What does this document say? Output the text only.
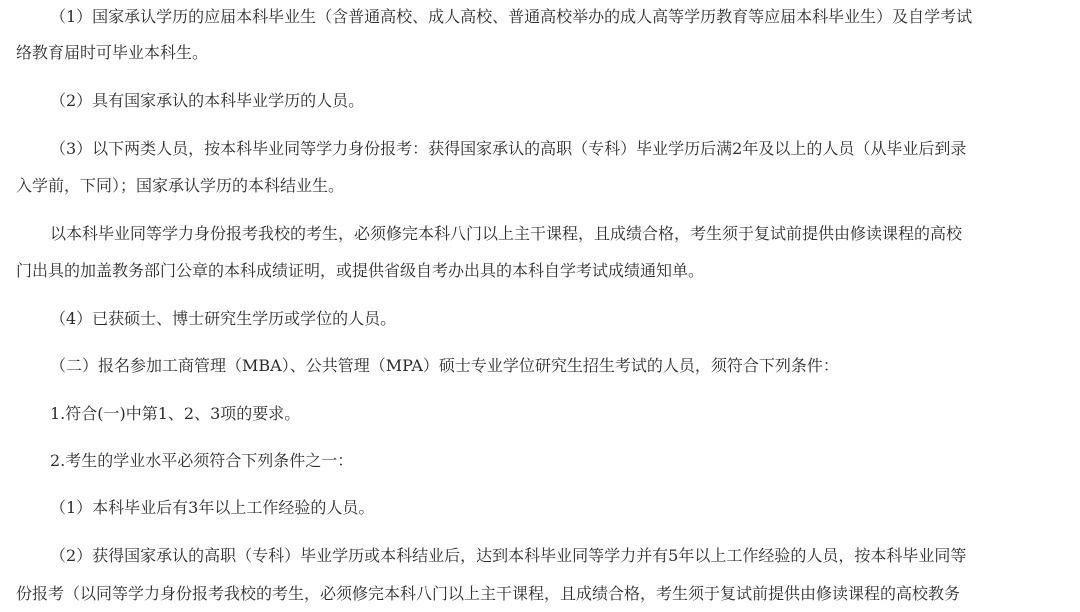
（1）国家承认学历的应届本科毕业生（含普通高校、成人高校、普通高校举办的成人高等学历教育等应届本科毕业生）及自学考试
络教育届时可毕业本科生。
（2）具有国家承认的本科毕业学历的人员。
（3）以下两类人员，按本科毕业同等学力身份报考：获得国家承认的高职（专科）毕业学历后满2年及以上的人员（从毕业后到录
入学前，下同）；国家承认学历的本科结业生。
以本科毕业同等学力身份报考我校的考生，必须修完本科八门以上主干课程，且成绩合格，考生须于复试前提供由修读课程的高校
门出具的加盖教务部门公章的本科成绩证明，或提供省级自考办出具的本科自学考试成绩通知单。
（4）已获硕士、博士研究生学历或学位的人员。
（二）报名参加工商管理（MBA）、公共管理（MPA）硕士专业学位研究生招生考试的人员，须符合下列条件：
1.符合(一)中第1、2、3项的要求。
2.考生的学业水平必须符合下列条件之一：
（1）本科毕业后有3年以上工作经验的人员。
（2）获得国家承认的高职（专科）毕业学历或本科结业后，达到本科毕业同等学力并有5年以上工作经验的人员，按本科毕业同等
份报考（以同等学力身份报考我校的考生，必须修完本科八门以上主干课程，且成绩合格，考生须于复试前提供由修读课程的高校教务
